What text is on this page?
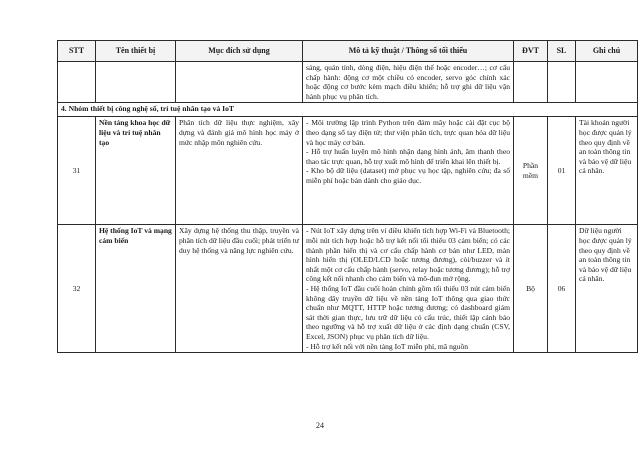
STT	Tên thiết bị	Mục đích sử dụng	Mô tả kỹ thuật / Thông số tối thiểu	ĐVT	SL	Ghi chú
			sáng, quán tính, dòng điện, hiệu điện thế hoặc encoder…; cơ cấu chấp hành: động cơ một chiều có encoder, servo góc chính xác hoặc động cơ bước kèm mạch điều khiển; hỗ trợ ghi dữ liệu vận hành phục vụ phân tích.			
4. Nhóm thiết bị công nghệ số, trí tuệ nhân tạo và IoT						
31	Nền tảng khoa học dữ liệu và trí tuệ nhân tạo	Phân tích dữ liệu thực nghiệm, xây dựng và đánh giá mô hình học máy ở mức nhập môn nghiên cứu.	- Môi trường lập trình Python trên đám mây hoặc cài đặt cục bộ theo dạng sổ tay điện tử; thư viện phân tích, trực quan hóa dữ liệu và học máy cơ bản.

- Hỗ trợ huấn luyện mô hình nhận dạng hình ảnh, âm thanh theo thao tác trực quan, hỗ trợ xuất mô hình để triển khai lên thiết bị.

- Kho bộ dữ liệu (dataset) mở phục vụ học tập, nghiên cứu; đa số miễn phí hoặc bản dành cho giáo dục.	Phần mềm	01	Tài khoản người học được quản lý theo quy định về an toàn thông tin và bảo vệ dữ liệu cá nhân.
32	Hệ thống IoT và mạng cảm biến	Xây dựng hệ thống thu thập, truyền và phân tích dữ liệu đầu cuối; phát triển tư duy hệ thống và năng lực nghiên cứu.	- Nút IoT xây dựng trên vi điều khiển tích hợp Wi-Fi và Bluetooth; mỗi nút tích hợp hoặc hỗ trợ kết nối tối thiểu 03 cảm biến; có các thành phần hiển thị và cơ cấu chấp hành cơ bản như LED, màn hình hiển thị (OLED/LCD hoặc tương đương), còi/buzzer và ít nhất một cơ cấu chấp hành (servo, relay hoặc tương đương); hỗ trợ công kết nối nhanh cho cảm biến và mô-đun mở rộng.

- Hệ thống IoT đầu cuối hoàn chỉnh gồm tối thiểu 03 nút cảm biến không dây truyền dữ liệu về nền tảng IoT thông qua giao thức chuẩn như MQTT, HTTP hoặc tương đương; có dashboard giám sát thời gian thực, lưu trữ dữ liệu có cấu trúc, thiết lập cảnh báo theo ngưỡng và hỗ trợ xuất dữ liệu ở các định dạng chuẩn (CSV, Excel, JSON) phục vụ phân tích dữ liệu.

- Hỗ trợ kết nối với nền tảng IoT miễn phí, mã nguồn	Bộ	06	Dữ liệu người học được quản lý theo quy định về an toàn thông tin và bảo vệ dữ liệu cá nhân.
24
